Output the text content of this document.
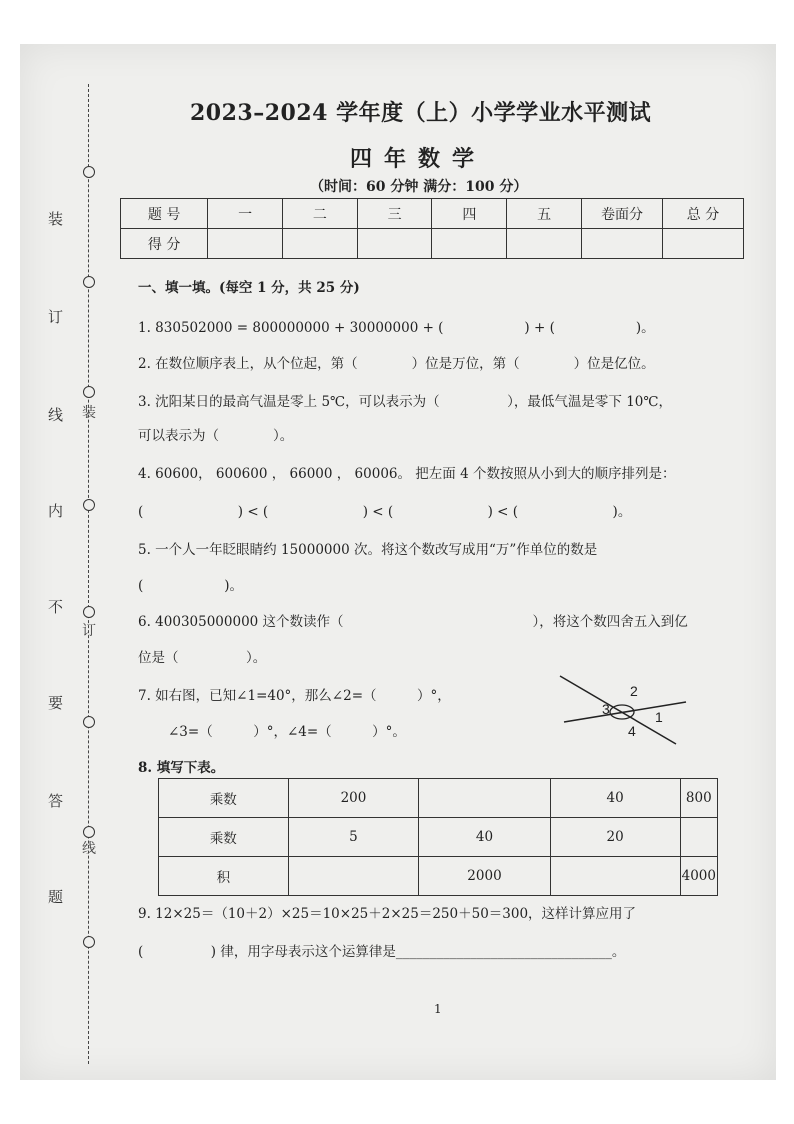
装
订
线
内
不
要
答
题
装
订
线
2023–2024 学年度（上）小学学业水平测试
四年数学
（时间：60 分钟 满分：100 分）
题 号	一	二	三	四	五	卷面分	总 分
得 分							
一、填一填。(每空 1 分，共 25 分)
1. 830502000 = 800000000 + 30000000 + (　　　　　　) + (　　　　　　)。
2. 在数位顺序表上，从个位起，第（　　　　）位是万位，第（　　　　）位是亿位。
3. 沈阳某日的最高气温是零上 5℃，可以表示为（　　　　　），最低气温是零下 10℃，
可以表示为（　　　　）。
4. 60600， 600600 ， 66000 ， 60006。 把左面 4 个数按照从小到大的顺序排列是：
(　　　　　　　) < (　　　　　　　) < (　　　　　　　) < (　　　　　　　)。
5. 一个人一年眨眼睛约 15000000 次。将这个数改写成用“万”作单位的数是
(　　　　　　)。
6. 400305000000 这个数读作（　　　　　　　　　　　　　　），将这个数四舍五入到亿
位是（　　　　　）。
7. 如右图，已知∠1=40°，那么∠2=（　　　）°，
∠3=（　　　）°，∠4=（　　　）°。
2
3	1
4
8. 填写下表。
乘数	200		40	800
乘数	5	40	20	
积		2000		4000
9. 12×25＝（10＋2）×25＝10×25＋2×25＝250＋50＝300，这样计算应用了
(　　　　　) 律，用字母表示这个运算律是________________________________。
1
